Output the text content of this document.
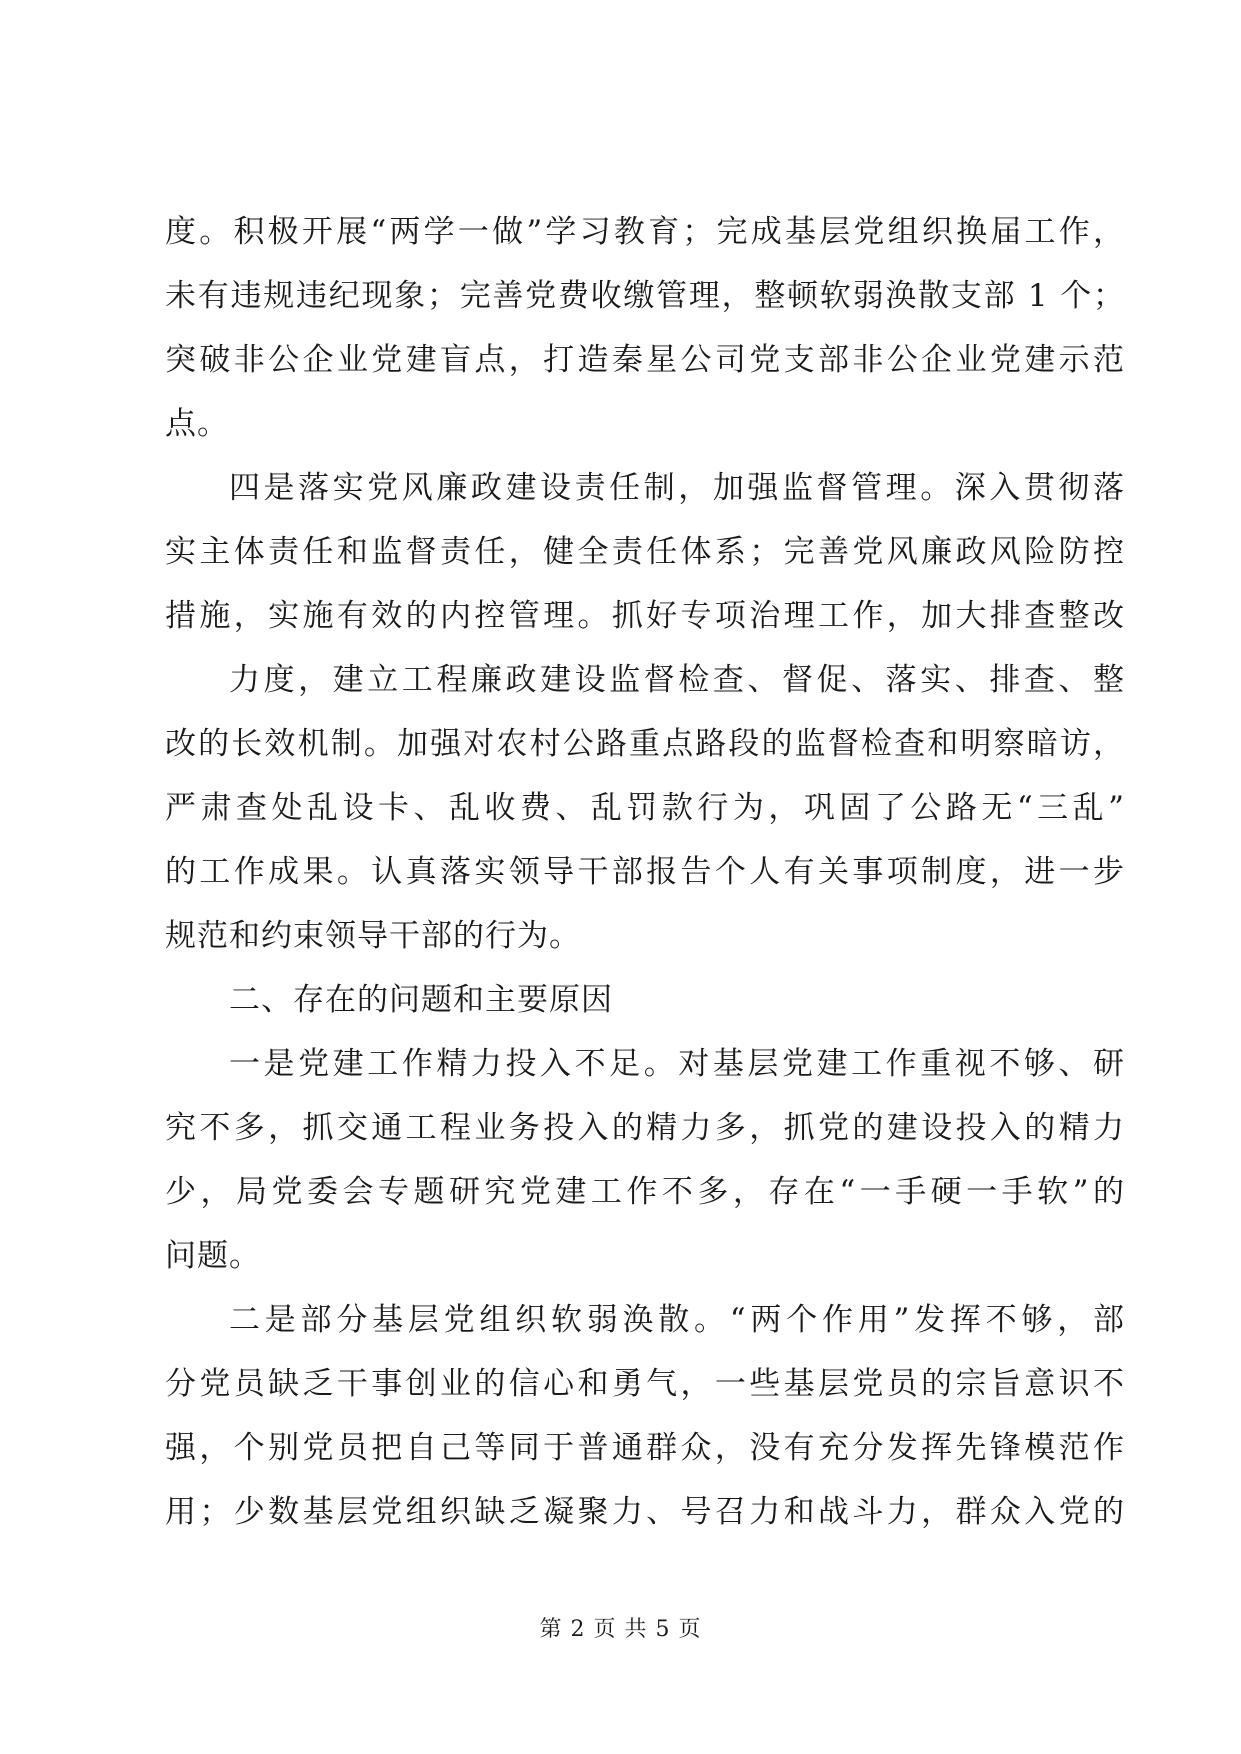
度。积极开展“两学一做”学习教育；完成基层党组织换届工作，
未有违规违纪现象；完善党费收缴管理，整顿软弱涣散支部 1 个；
突破非公企业党建盲点，打造秦星公司党支部非公企业党建示范
点。
四是落实党风廉政建设责任制，加强监督管理。深入贯彻落
实主体责任和监督责任，健全责任体系；完善党风廉政风险防控
措施，实施有效的内控管理。抓好专项治理工作，加大排查整改
力度，建立工程廉政建设监督检查、督促、落实、排查、整
改的长效机制。加强对农村公路重点路段的监督检查和明察暗访，
严肃查处乱设卡、乱收费、乱罚款行为，巩固了公路无“三乱”
的工作成果。认真落实领导干部报告个人有关事项制度，进一步
规范和约束领导干部的行为。
二、存在的问题和主要原因
一是党建工作精力投入不足。对基层党建工作重视不够、研
究不多，抓交通工程业务投入的精力多，抓党的建设投入的精力
少，局党委会专题研究党建工作不多，存在“一手硬一手软”的
问题。
二是部分基层党组织软弱涣散。“两个作用”发挥不够，部
分党员缺乏干事创业的信心和勇气，一些基层党员的宗旨意识不
强，个别党员把自己等同于普通群众，没有充分发挥先锋模范作
用；少数基层党组织缺乏凝聚力、号召力和战斗力，群众入党的
第 2 页 共 5 页
